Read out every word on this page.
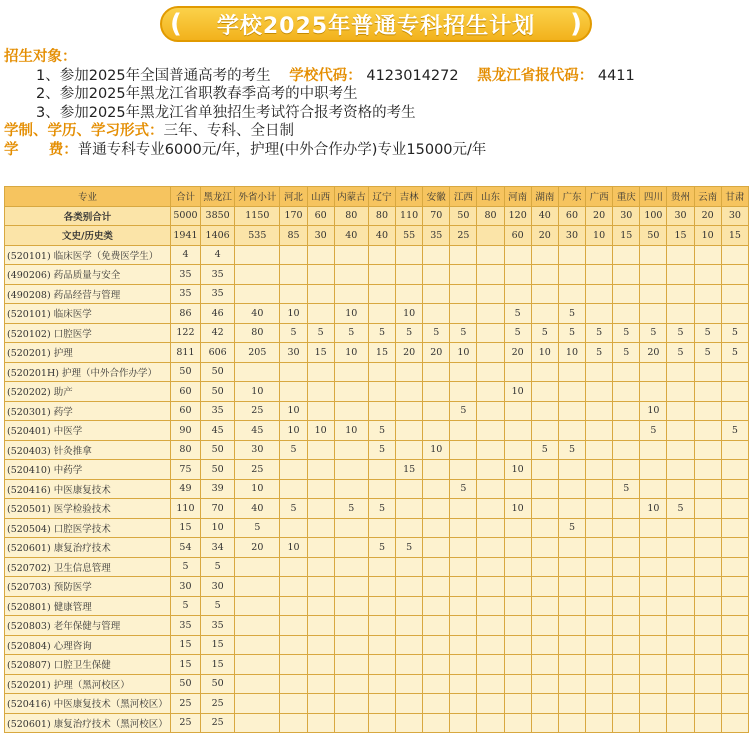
( 学校2025年普通专科招生计划 )
招生对象：
1、参加2025年全国普通高考的考生 学校代码： 4123014272 黑龙江省报代码： 4411
2、参加2025年黑龙江省职教春季高考的中职考生
3、参加2025年黑龙江省单独招生考试符合报考资格的考生
学制、学历、学习形式：三年、专科、全日制
学      费：普通专科专业6000元/年，护理(中外合作办学)专业15000元/年
专业	合计	黑龙江	外省小计	河北	山西	内蒙古	辽宁	吉林	安徽	江西	山东	河南	湖南	广东	广西	重庆	四川	贵州	云南	甘肃
各类别合计	5000	3850	1150	170	60	80	80	110	70	50	80	120	40	60	20	30	100	30	20	30
文史/历史类	1941	1406	535	85	30	40	40	55	35	25		60	20	30	10	15	50	15	10	15
(520101) 临床医学（免费医学生）	4	4																		
(490206) 药品质量与安全	35	35																		
(490208) 药品经营与管理	35	35																		
(520101) 临床医学	86	46	40	10		10		10				5		5						
(520102) 口腔医学	122	42	80	5	5	5	5	5	5	5		5	5	5	5	5	5	5	5	5
(520201) 护理	811	606	205	30	15	10	15	20	20	10		20	10	10	5	5	20	5	5	5
(520201H) 护理（中外合作办学）	50	50																		
(520202) 助产	60	50	10									10								
(520301) 药学	60	35	25	10						5							10			
(520401) 中医学	90	45	45	10	10	10	5										5			5
(520403) 针灸推拿	80	50	30	5			5		10				5	5						
(520410) 中药学	75	50	25					15				10								
(520416) 中医康复技术	49	39	10							5						5				
(520501) 医学检验技术	110	70	40	5		5	5					10					10	5		
(520504) 口腔医学技术	15	10	5											5						
(520601) 康复治疗技术	54	34	20	10			5	5												
(520702) 卫生信息管理	5	5																		
(520703) 预防医学	30	30																		
(520801) 健康管理	5	5																		
(520803) 老年保健与管理	35	35																		
(520804) 心理咨询	15	15																		
(520807) 口腔卫生保健	15	15																		
(520201) 护理（黑河校区）	50	50																		
(520416) 中医康复技术（黑河校区）	25	25																		
(520601) 康复治疗技术（黑河校区）	25	25																		
